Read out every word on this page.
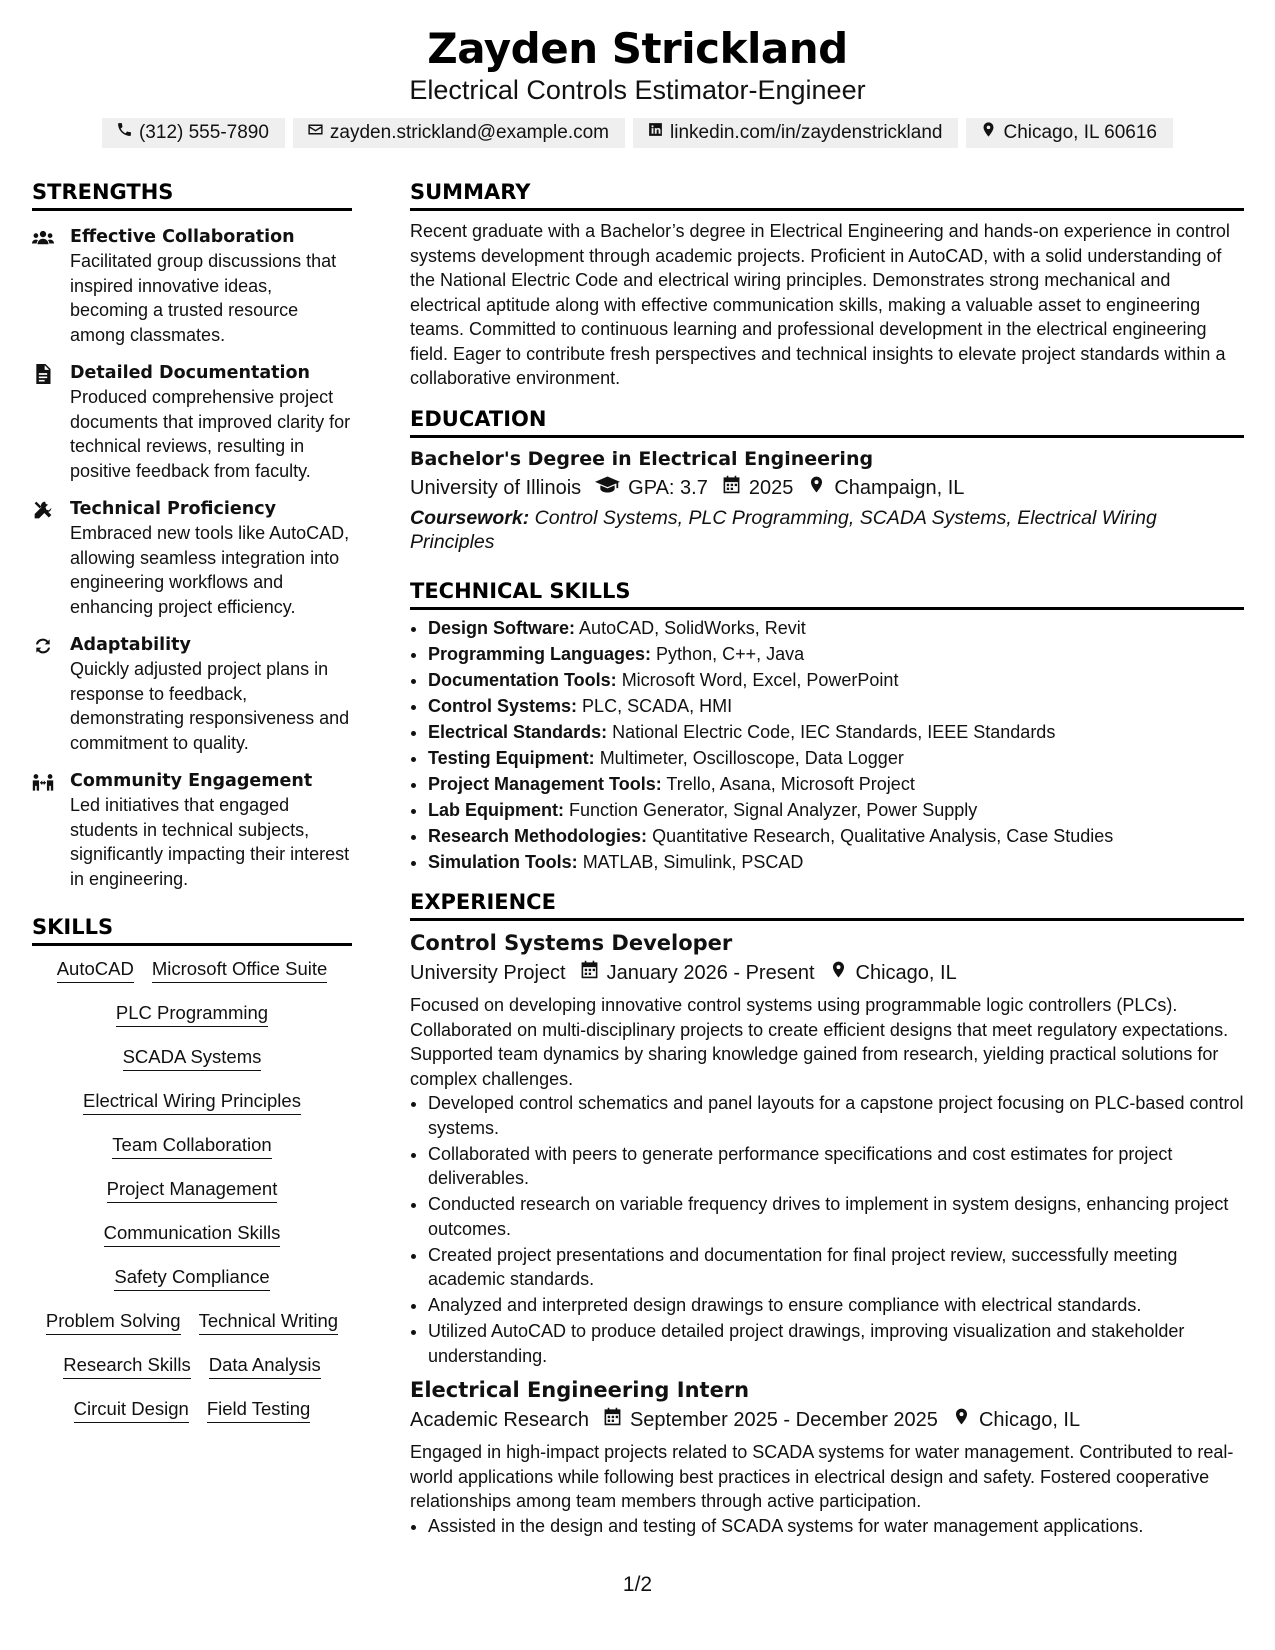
Zayden Strickland
Electrical Controls Estimator-Engineer
(312) 555-7890	zayden.strickland@example.com	linkedin.com/in/zaydenstrickland	Chicago, IL 60616
STRENGTHS
Effective Collaboration
Facilitated group discussions that inspired innovative ideas, becoming a trusted resource among classmates.
Detailed Documentation
Produced comprehensive project documents that improved clarity for technical reviews, resulting in positive feedback from faculty.
Technical Proficiency
Embraced new tools like AutoCAD, allowing seamless integration into engineering workflows and enhancing project efficiency.
Adaptability
Quickly adjusted project plans in response to feedback, demonstrating responsiveness and commitment to quality.
Community Engagement
Led initiatives that engaged students in technical subjects, significantly impacting their interest in engineering.
SKILLS
AutoCAD Microsoft Office Suite
PLC Programming
SCADA Systems
Electrical Wiring Principles
Team Collaboration
Project Management
Communication Skills
Safety Compliance
Problem Solving Technical Writing
Research Skills Data Analysis
Circuit Design Field Testing
SUMMARY
Recent graduate with a Bachelor’s degree in Electrical Engineering and hands-on experience in control systems development through academic projects. Proficient in AutoCAD, with a solid understanding of the National Electric Code and electrical wiring principles. Demonstrates strong mechanical and electrical aptitude along with effective communication skills, making a valuable asset to engineering teams. Committed to continuous learning and professional development in the electrical engineering field. Eager to contribute fresh perspectives and technical insights to elevate project standards within a collaborative environment.
EDUCATION
Bachelor's Degree in Electrical Engineering
University of Illinois GPA: 3.7 2025 Champaign, IL
Coursework: Control Systems, PLC Programming, SCADA Systems, Electrical Wiring Principles
TECHNICAL SKILLS
• Design Software: AutoCAD, SolidWorks, Revit
• Programming Languages: Python, C++, Java
• Documentation Tools: Microsoft Word, Excel, PowerPoint
• Control Systems: PLC, SCADA, HMI
• Electrical Standards: National Electric Code, IEC Standards, IEEE Standards
• Testing Equipment: Multimeter, Oscilloscope, Data Logger
• Project Management Tools: Trello, Asana, Microsoft Project
• Lab Equipment: Function Generator, Signal Analyzer, Power Supply
• Research Methodologies: Quantitative Research, Qualitative Analysis, Case Studies
• Simulation Tools: MATLAB, Simulink, PSCAD
EXPERIENCE
Control Systems Developer
University Project January 2026 - Present Chicago, IL
Focused on developing innovative control systems using programmable logic controllers (PLCs). Collaborated on multi-disciplinary projects to create efficient designs that meet regulatory expectations. Supported team dynamics by sharing knowledge gained from research, yielding practical solutions for complex challenges.
• Developed control schematics and panel layouts for a capstone project focusing on PLC-based control systems.
• Collaborated with peers to generate performance specifications and cost estimates for project deliverables.
• Conducted research on variable frequency drives to implement in system designs, enhancing project outcomes.
• Created project presentations and documentation for final project review, successfully meeting academic standards.
• Analyzed and interpreted design drawings to ensure compliance with electrical standards.
• Utilized AutoCAD to produce detailed project drawings, improving visualization and stakeholder understanding.
Electrical Engineering Intern
Academic Research September 2025 - December 2025 Chicago, IL
Engaged in high-impact projects related to SCADA systems for water management. Contributed to real-world applications while following best practices in electrical design and safety. Fostered cooperative relationships among team members through active participation.
• Assisted in the design and testing of SCADA systems for water management applications.
1/2
